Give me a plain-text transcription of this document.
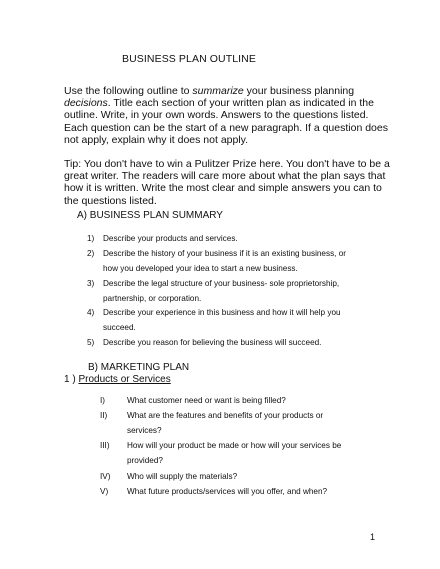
BUSINESS PLAN OUTLINE

Use the following outline to summarize your business planning decisions. Title each section of your written plan as indicated in the outline. Write, in your own words. Answers to the questions listed. Each question can be the start of a new paragraph. If a question does not apply, explain why it does not apply.

Tip: You don't have to win a Pulitzer Prize here. You don't have to be a great writer. The readers will care more about what the plan says that how it is written. Write the most clear and simple answers you can to the questions listed.

A) BUSINESS PLAN SUMMARY
1) Describe your products and services.
2) Describe the history of your business if it is an existing business, or
how you developed your idea to start a new business.
3) Describe the legal structure of your business- sole proprietorship,
partnership, or corporation.
4) Describe your experience in this business and how it will help you
succeed.
5) Describe you reason for believing the business will succeed.
B) MARKETING PLAN
1 ) Products or Services
I)	What customer need or want is being filled?
II) What are the features and benefits of your products or
services?
III) How will your product be made or how will your services be
provided?
IV) Who will supply the materials?
V) What future products/services will you offer, and when?
1
